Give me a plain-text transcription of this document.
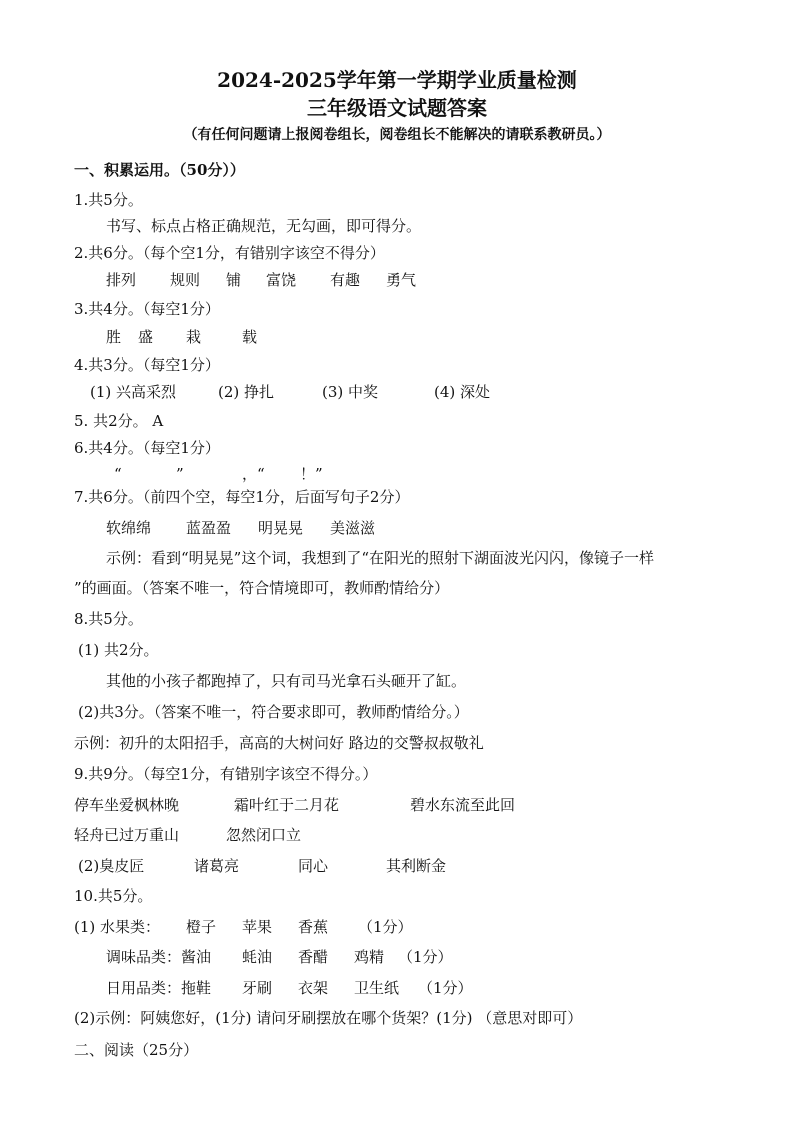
2024-2025学年第一学期学业质量检测
三年级语文试题答案
（有任何问题请上报阅卷组长，阅卷组长不能解决的请联系教研员。）
一、积累运用。（50分））
1.共5分。
书写、标点占格正确规范，无勾画，即可得分。
2.共6分。（每个空1分，有错别字该空不得分）
排列 规则 铺 富饶 有趣 勇气
3.共4分。（每空1分）
胜 盛 栽	载
4.共3分。（每空1分）
(1) 兴高采烈	(2) 挣扎	(3) 中奖	(4) 深处
5. 共2分。 A
6.共4分。（每空1分）
“	”	，“ ！”
7.共6分。（前四个空，每空1分，后面写句子2分）
软绵绵 蓝盈盈 明晃晃 美滋滋
示例：看到“明晃晃”这个词，我想到了“在阳光的照射下湖面波光闪闪，像镜子一样
”的画面。（答案不唯一，符合情境即可，教师酌情给分）
8.共5分。
(1) 共2分。
其他的小孩子都跑掉了，只有司马光拿石头砸开了缸。
(2)共3分。（答案不唯一，符合要求即可，教师酌情给分。）
示例：初升的太阳招手，高高的大树问好 路边的交警叔叔敬礼
9.共9分。（每空1分，有错别字该空不得分。）
停车坐爱枫林晚	霜叶红于二月花	碧水东流至此回
轻舟已过万重山	忽然闭口立
(2)臭皮匠	诸葛亮	同心	其利断金
10.共5分。
(1) 水果类： 橙子 苹果 香蕉 （1分）
调味品类：酱油 蚝油 香醋 鸡精 （1分）
日用品类：拖鞋 牙刷 衣架 卫生纸 （1分）
(2)示例：阿姨您好，(1分) 请问牙刷摆放在哪个货架？(1分) （意思对即可）
二、阅读（25分）
